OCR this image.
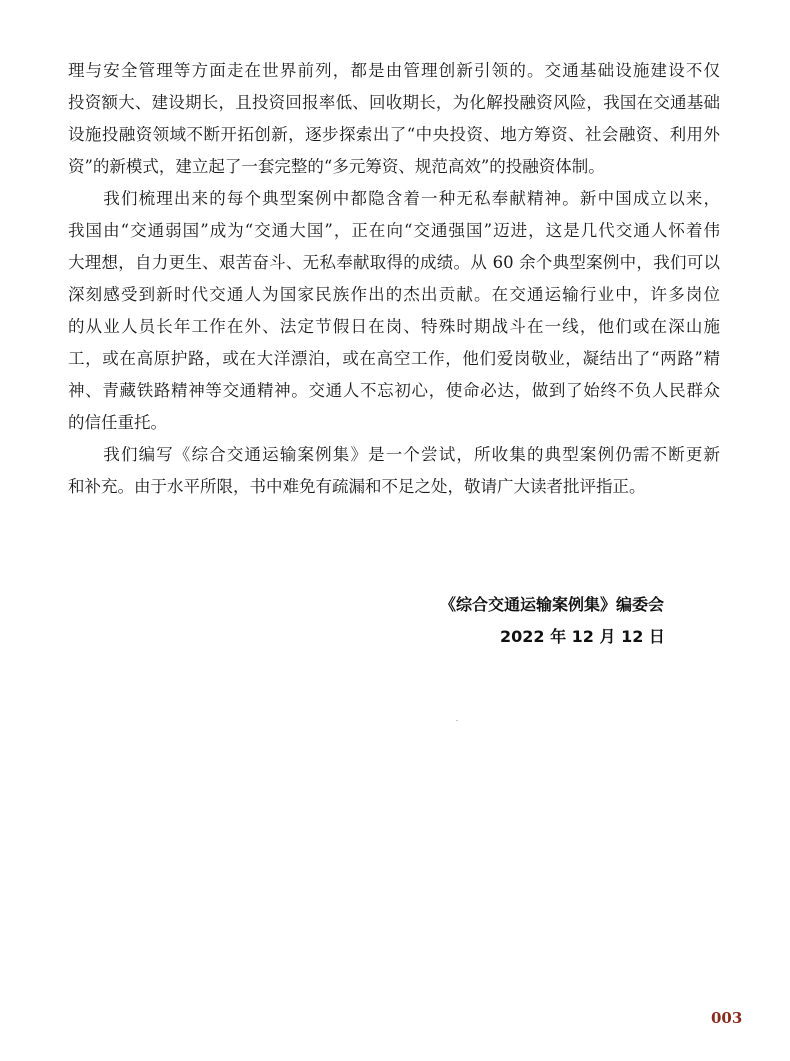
理与安全管理等方面走在世界前列，都是由管理创新引领的。交通基础设施建设不仅
投资额大、建设期长，且投资回报率低、回收期长，为化解投融资风险，我国在交通基础
设施投融资领域不断开拓创新，逐步探索出了“中央投资、地方筹资、社会融资、利用外
资”的新模式，建立起了一套完整的“多元筹资、规范高效”的投融资体制。
　　我们梳理出来的每个典型案例中都隐含着一种无私奉献精神。新中国成立以来，
我国由“交通弱国”成为“交通大国”，正在向“交通强国”迈进，这是几代交通人怀着伟
大理想，自力更生、艰苦奋斗、无私奉献取得的成绩。从 60 余个典型案例中，我们可以
深刻感受到新时代交通人为国家民族作出的杰出贡献。在交通运输行业中，许多岗位
的从业人员长年工作在外、法定节假日在岗、特殊时期战斗在一线，他们或在深山施
工，或在高原护路，或在大洋漂泊，或在高空工作，他们爱岗敬业，凝结出了“两路”精
神、青藏铁路精神等交通精神。交通人不忘初心，使命必达，做到了始终不负人民群众
的信任重托。
　　我们编写《综合交通运输案例集》是一个尝试，所收集的典型案例仍需不断更新
和补充。由于水平所限，书中难免有疏漏和不足之处，敬请广大读者批评指正。
《综合交通运输案例集》编委会
2022 年 12 月 12 日
003
